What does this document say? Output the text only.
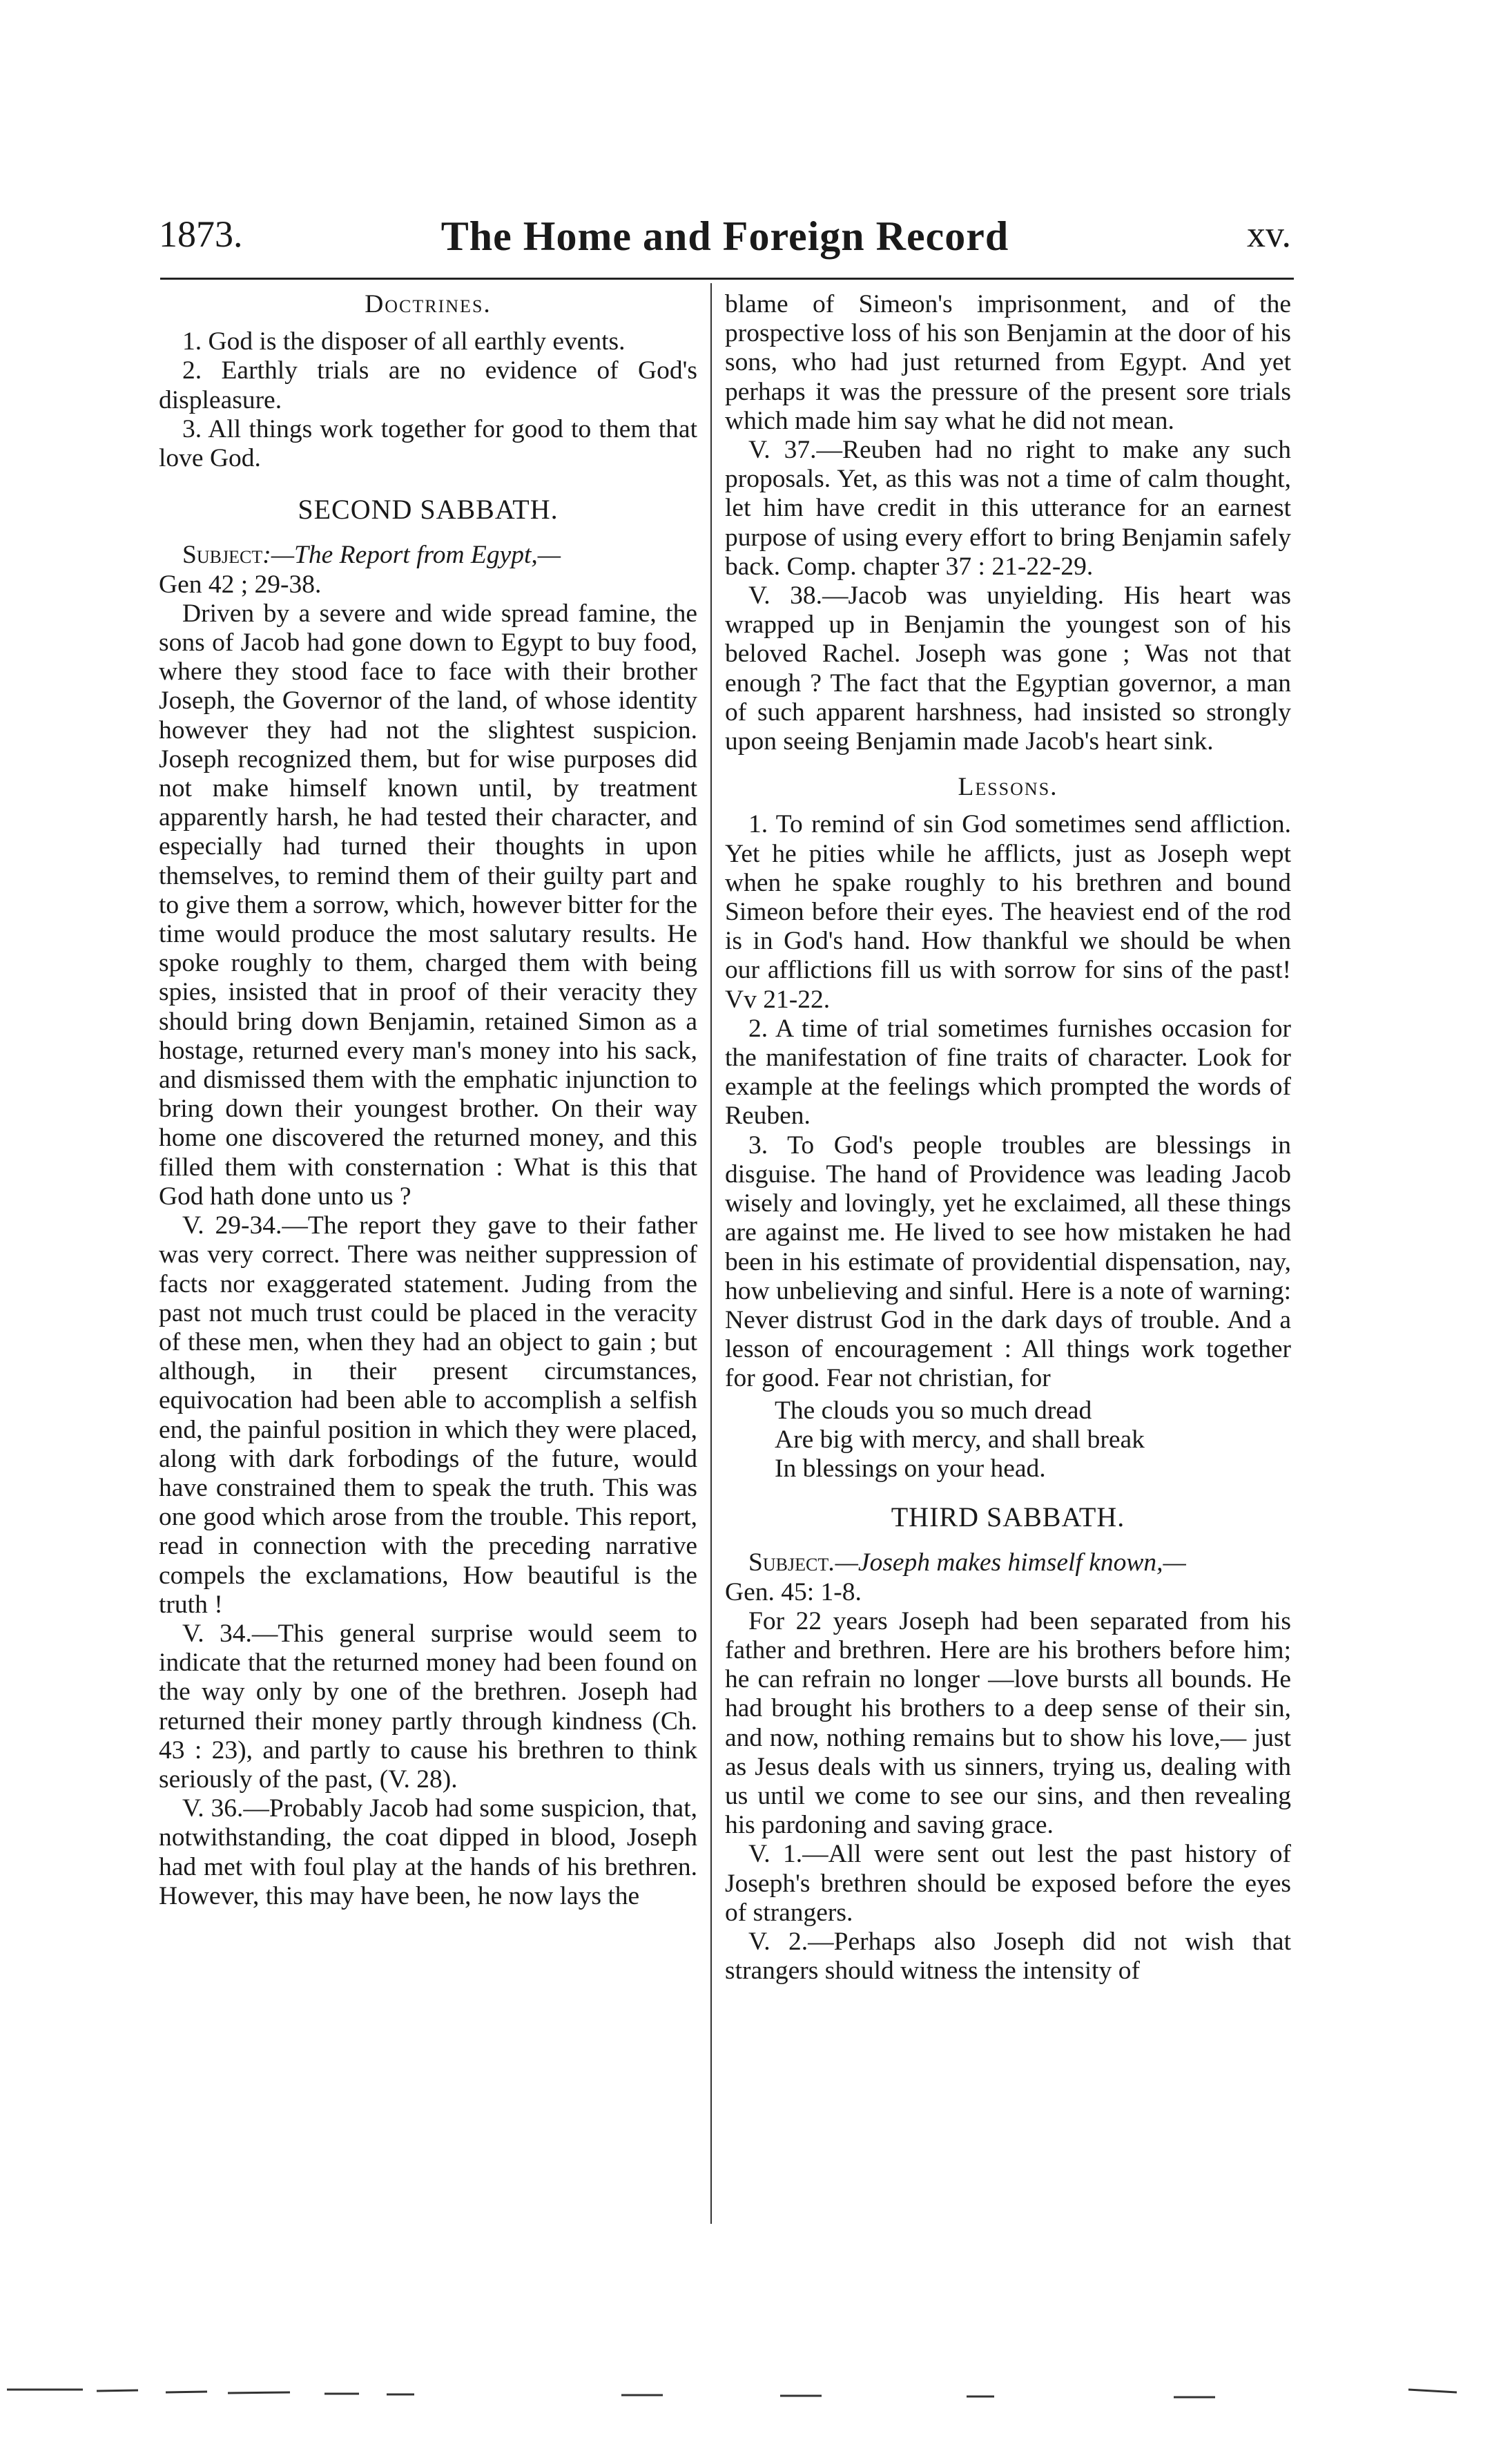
1873.	The Home and Foreign Record	xv.

Doctrines.

1. God is the disposer of all earthly events.

2. Earthly trials are no evidence of God's displeasure.

3. All things work together for good to them that love God.

SECOND SABBATH.

Subject:—The Report from Egypt,—

Gen 42 ; 29-38.

Driven by a severe and wide spread famine, the sons of Jacob had gone down to Egypt to buy food, where they stood face to face with their brother Joseph, the Governor of the land, of whose identity however they had not the slightest suspicion. Joseph recognized them, but for wise purposes did not make himself known until, by treatment apparently harsh, he had tested their character, and especially had turned their thoughts in upon themselves, to remind them of their guilty part and to give them a sorrow, which, however bitter for the time would produce the most salutary results. He spoke roughly to them, charged them with being spies, insisted that in proof of their veracity they should bring down Benjamin, retained Simon as a hostage, returned every man's money into his sack, and dismissed them with the emphatic injunction to bring down their youngest brother. On their way home one discovered the returned money, and this filled them with consternation : What is this that God hath done unto us ?

V. 29-34.—The report they gave to their father was very correct. There was neither suppression of facts nor exaggerated statement. Juding from the past not much trust could be placed in the veracity of these men, when they had an object to gain ; but although, in their present circumstances, equivocation had been able to accomplish a selfish end, the painful position in which they were placed, along with dark forbodings of the future, would have constrained them to speak the truth. This was one good which arose from the trouble. This report, read in connection with the preceding narrative compels the exclamations, How beautiful is the truth !

V. 34.—This general surprise would seem to indicate that the returned money had been found on the way only by one of the brethren. Joseph had returned their money partly through kindness (Ch. 43 : 23), and partly to cause his brethren to think seriously of the past, (V. 28).

V. 36.—Probably Jacob had some suspicion, that, notwithstanding, the coat dipped in blood, Joseph had met with foul play at the hands of his brethren. However, this may have been, he now lays the

blame of Simeon's imprisonment, and of the prospective loss of his son Benjamin at the door of his sons, who had just returned from Egypt. And yet perhaps it was the pressure of the present sore trials which made him say what he did not mean.

V. 37.—Reuben had no right to make any such proposals. Yet, as this was not a time of calm thought, let him have credit in this utterance for an earnest purpose of using every effort to bring Benjamin safely back. Comp. chapter 37 : 21-22-29.

V. 38.—Jacob was unyielding. His heart was wrapped up in Benjamin the youngest son of his beloved Rachel. Joseph was gone ; Was not that enough ? The fact that the Egyptian governor, a man of such apparent harshness, had insisted so strongly upon seeing Benjamin made Jacob's heart sink.

Lessons.

1. To remind of sin God sometimes send affliction. Yet he pities while he afflicts, just as Joseph wept when he spake roughly to his brethren and bound Simeon before their eyes. The heaviest end of the rod is in God's hand. How thankful we should be when our afflictions fill us with sorrow for sins of the past! Vv 21-22.

2. A time of trial sometimes furnishes occasion for the manifestation of fine traits of character. Look for example at the feelings which prompted the words of Reuben.

3. To God's people troubles are blessings in disguise. The hand of Providence was leading Jacob wisely and lovingly, yet he exclaimed, all these things are against me. He lived to see how mistaken he had been in his estimate of providential dispensation, nay, how unbelieving and sinful. Here is a note of warning: Never distrust God in the dark days of trouble. And a lesson of encouragement : All things work together for good. Fear not christian, for

The clouds you so much dread
Are big with mercy, and shall break
In blessings on your head.

THIRD SABBATH.

Subject.—Joseph makes himself known,—

Gen. 45: 1-8.

For 22 years Joseph had been separated from his father and brethren. Here are his brothers before him; he can refrain no longer —love bursts all bounds. He had brought his brothers to a deep sense of their sin, and now, nothing remains but to show his love,— just as Jesus deals with us sinners, trying us, dealing with us until we come to see our sins, and then revealing his pardoning and saving grace.

V. 1.—All were sent out lest the past history of Joseph's brethren should be exposed before the eyes of strangers.

V. 2.—Perhaps also Joseph did not wish that strangers should witness the intensity of
